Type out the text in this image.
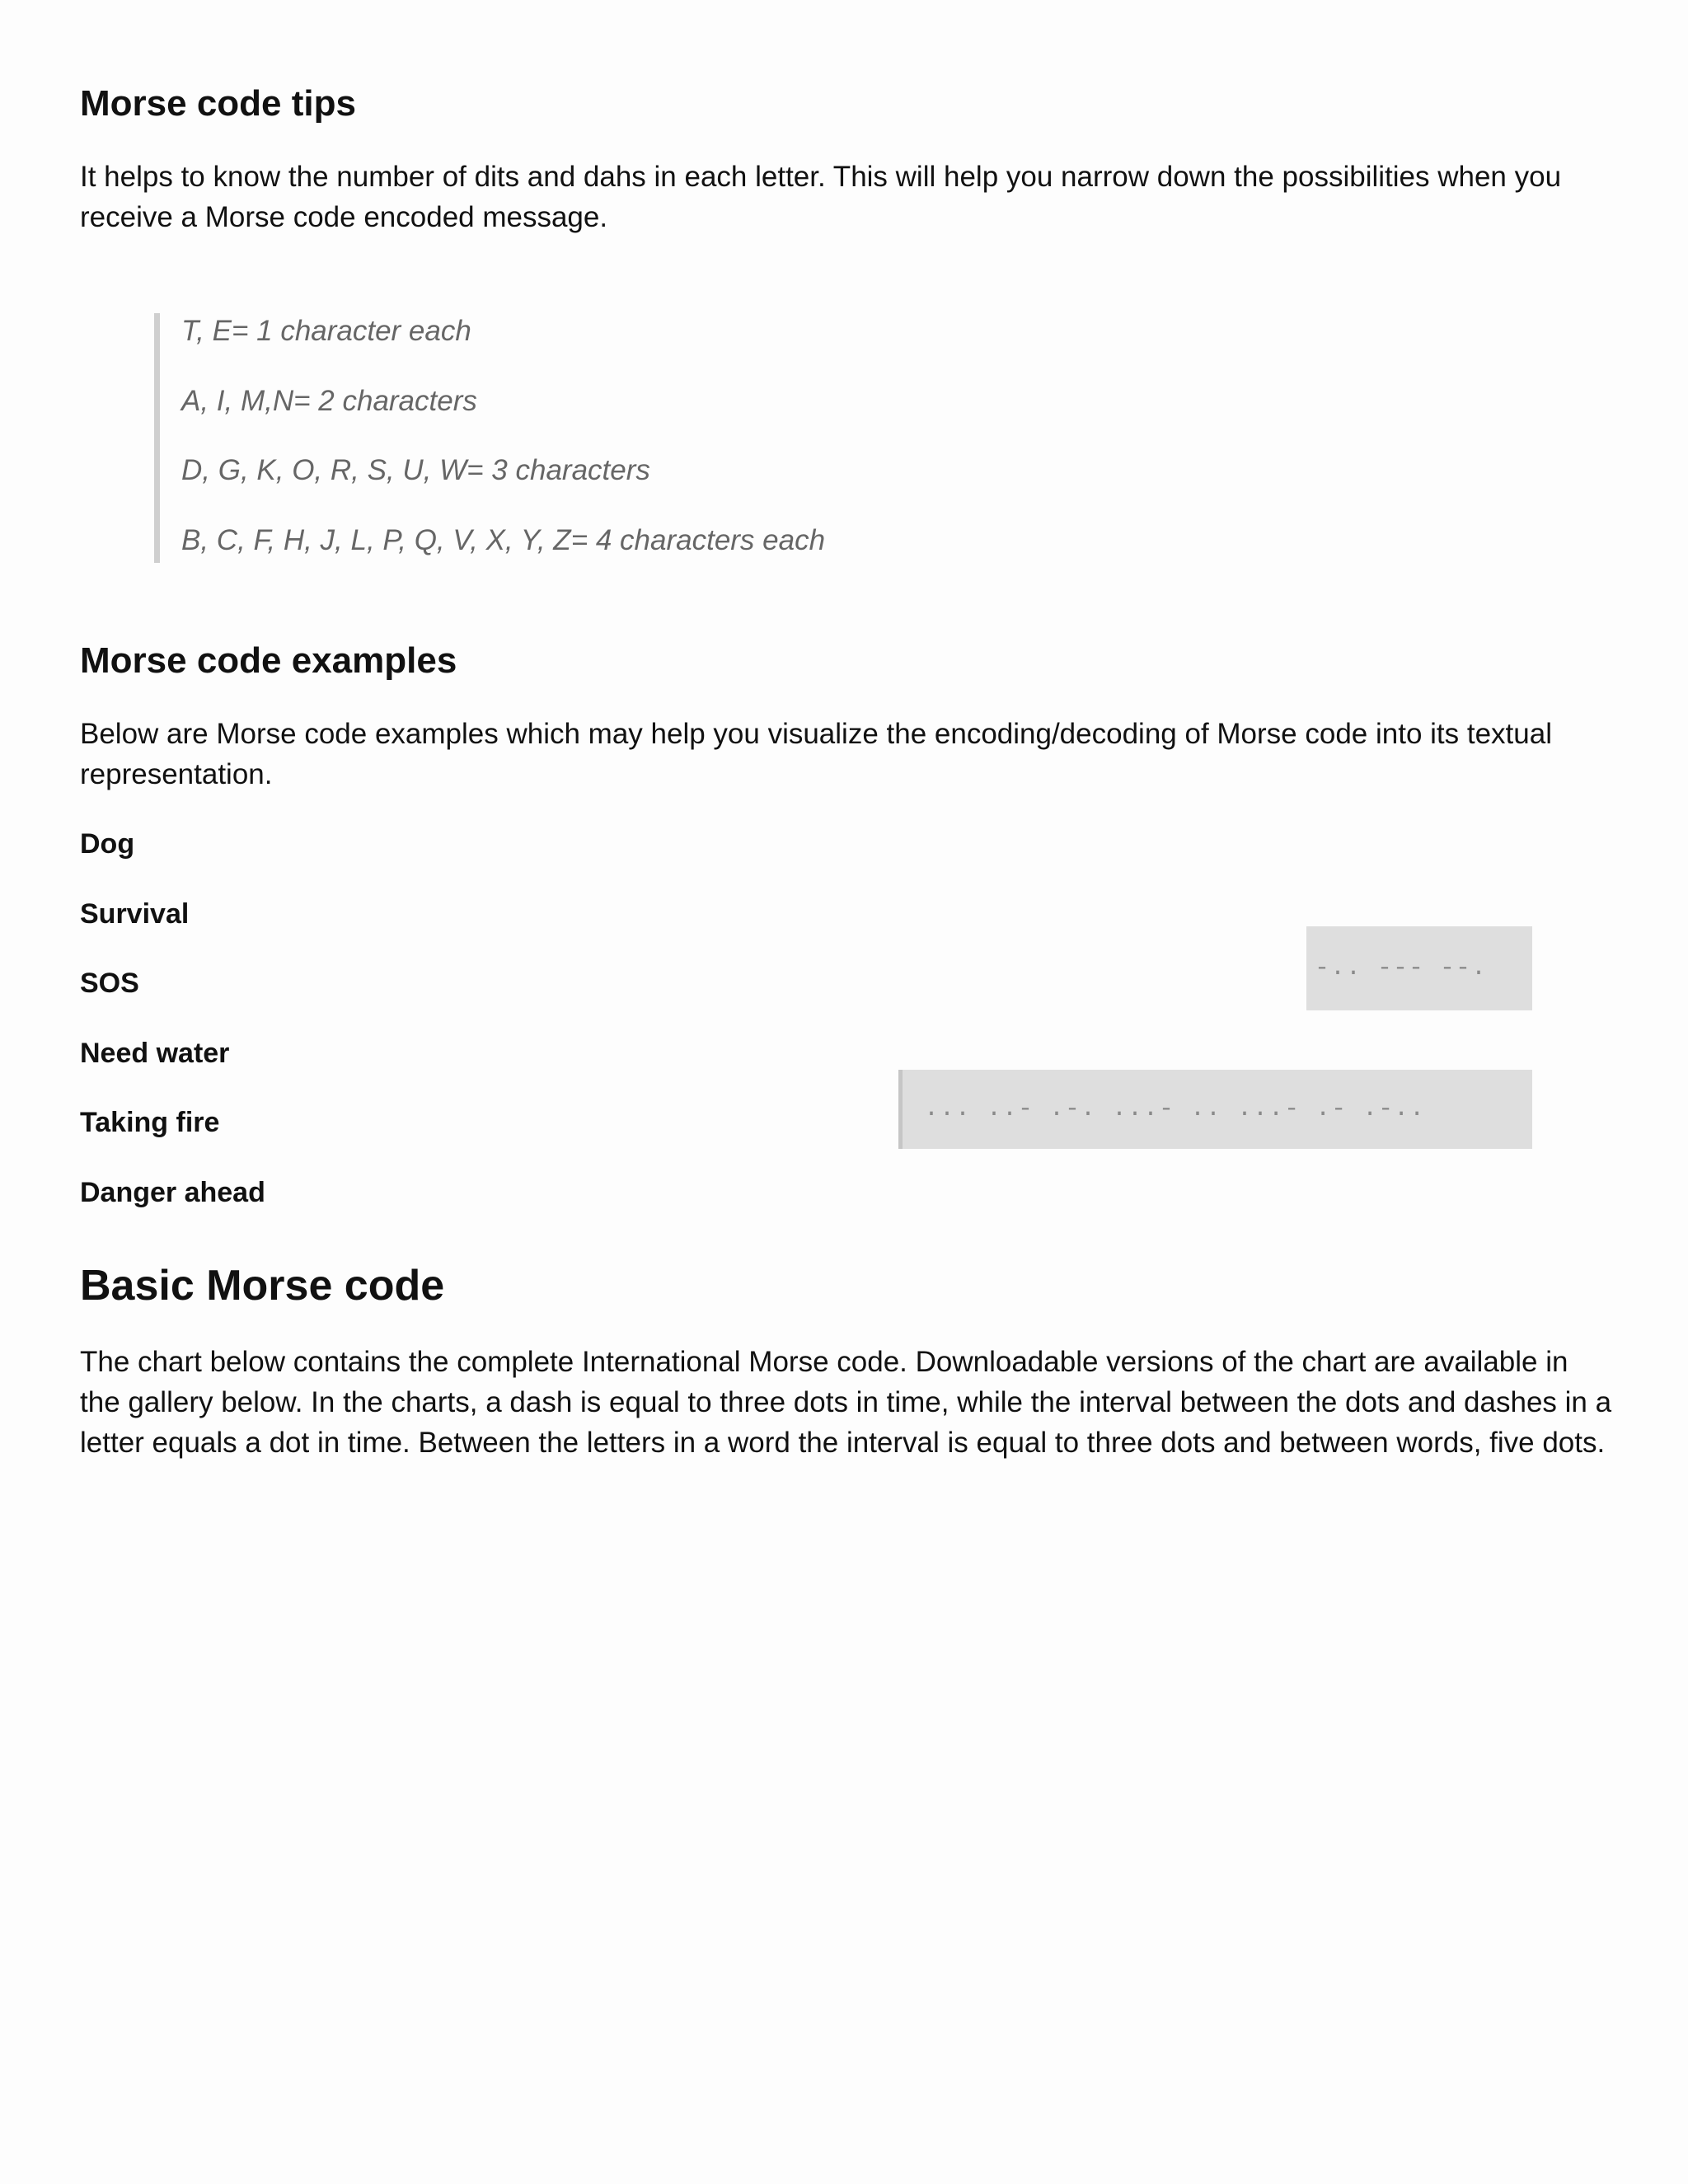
Morse code tips

It helps to know the number of dits and dahs in each letter. This will help you narrow down the possibilities when you receive a Morse code encoded message.

T, E= 1 character each
A, I, M,N= 2 characters
D, G, K, O, R, S, U, W= 3 characters
B, C, F, H, J, L, P, Q, V, X, Y, Z= 4 characters each
Morse code examples

Below are Morse code examples which may help you visualize the encoding/decoding of Morse code into its textual representation.

Dog
Survival
SOS
Need water
Taking fire
Danger ahead
Basic Morse code

The chart below contains the complete International Morse code. Downloadable versions of the chart are available in the gallery below. In the charts, a dash is equal to three dots in time, while the interval between the dots and dashes in a letter equals a dot in time. Between the letters in a word the interval is equal to three dots and between words, five dots.

-.. --- --.
... ..- .-. ...- .. ...- .- .-..
